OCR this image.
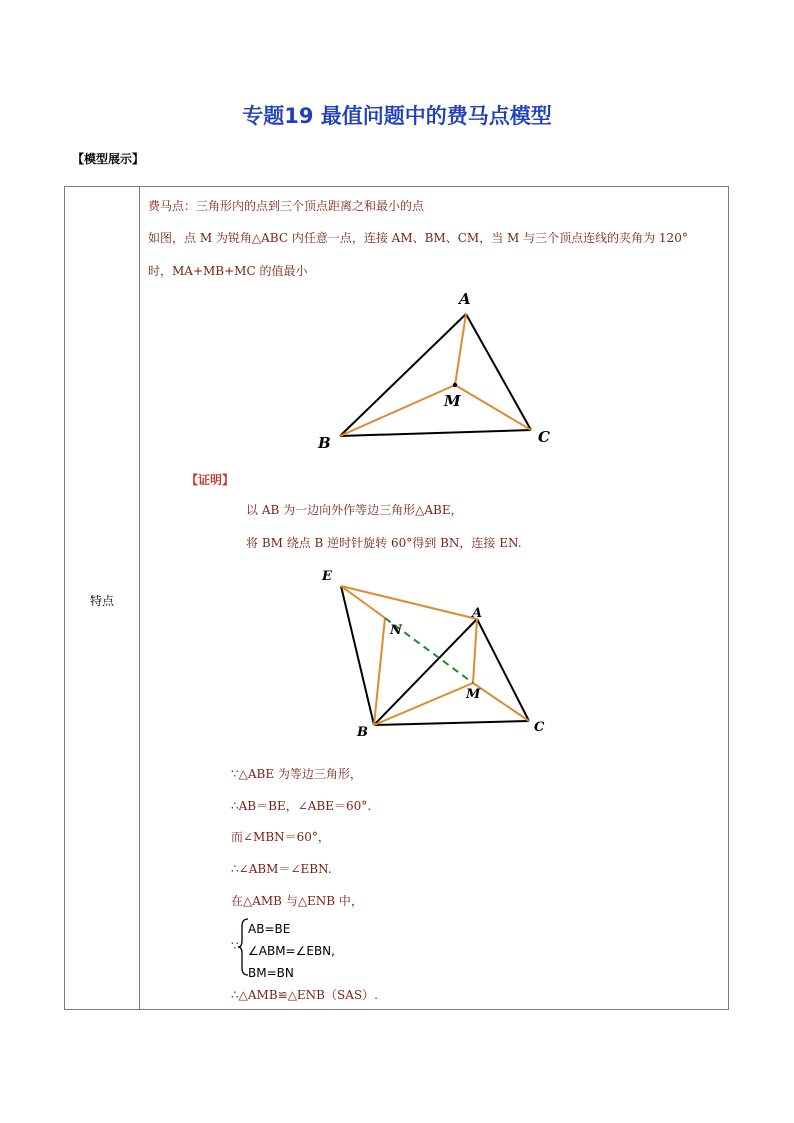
专题19 最值问题中的费马点模型
【模型展示】
特点
费马点：三角形内的点到三个顶点距离之和最小的点
如图，点 M 为锐角△ABC 内任意一点，连接 AM、BM、CM，当 M 与三个顶点连线的夹角为 120°
时，MA+MB+MC 的值最小
A
B	C
M
【证明】
以 AB 为一边向外作等边三角形△ABE，
将 BM 绕点 B 逆时针旋转 60°得到 BN，连接 EN.
E
A
N
M
B	C
∵△ABE 为等边三角形，
∴AB＝BE，∠ABE＝60°.
而∠MBN＝60°，
∴∠ABM＝∠EBN.
在△AMB 与△ENB 中，
∵
AB=BE
∠ABM=∠EBN,
BM=BN
∴△AMB≌△ENB（SAS）.
